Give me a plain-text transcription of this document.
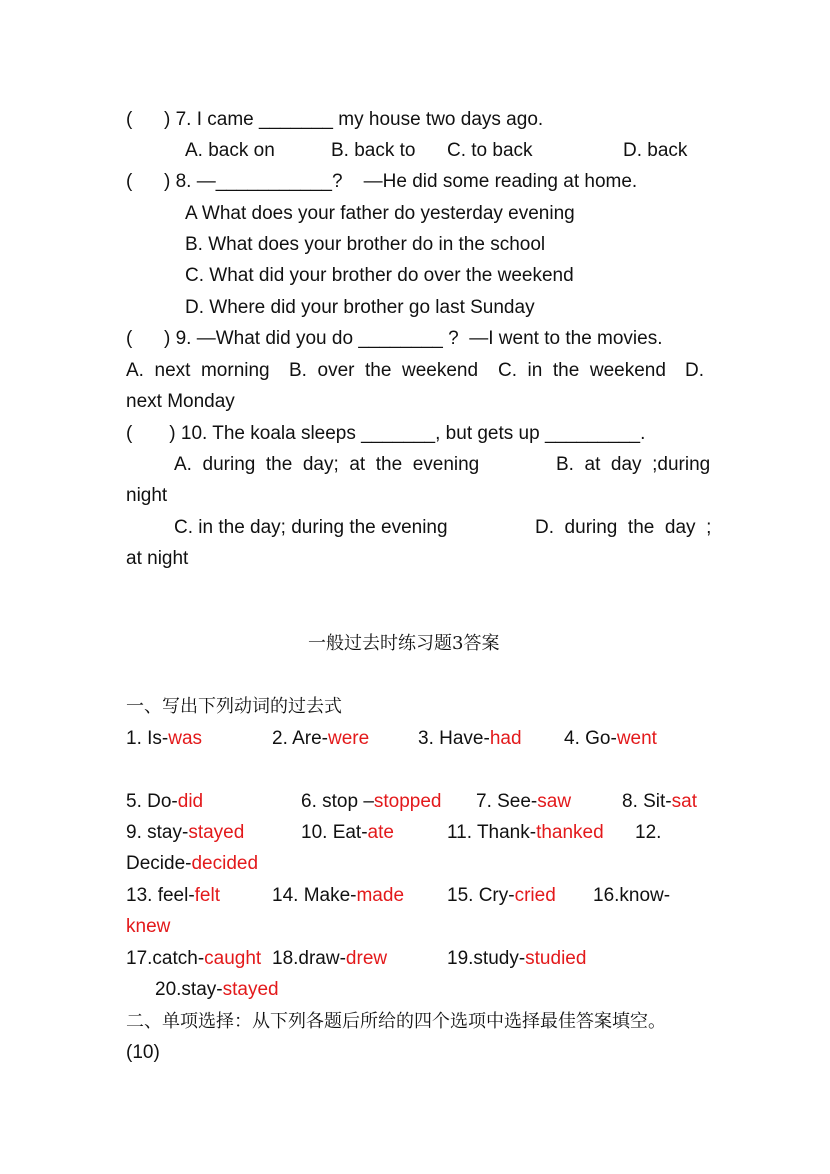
(      ) 7. I came _______ my house two days ago.
A. back on	B. back to C. to back	D. back
(      ) 8. —___________?    —He did some reading at home.
A What does your father do yesterday evening
B. What does your brother do in the school
C. What did your brother do over the weekend
D. Where did your brother go last Sunday
(      ) 9. —What did you do ________ ?  —I went to the movies.
A.  next  morning B.  over  the  weekend C.  in  the  weekend D.
next Monday
(       ) 10. The koala sleeps _______, but gets up _________.
A.  during  the  day;  at  the  evening	B.  at  day  ;during
night
C. in the day; during the evening	D.  during  the  day  ;
at night
一般过去时练习题3答案
一、写出下列动词的过去式
1. Is-was	2. Are-were	3. Have-had 4. Go-went
5. Do-did	6. stop –stopped 7. See-saw	8. Sit-sat
9. stay-stayed	10. Eat-ate	11. Thank-thanked 12.
Decide-decided
13. feel-felt	14. Make-made 15. Cry-cried 16.know-
knew
17.catch-caught 18.draw-drew	19.study-studied
20.stay-stayed
二、单项选择：从下列各题后所给的四个选项中选择最佳答案填空。
(10)
